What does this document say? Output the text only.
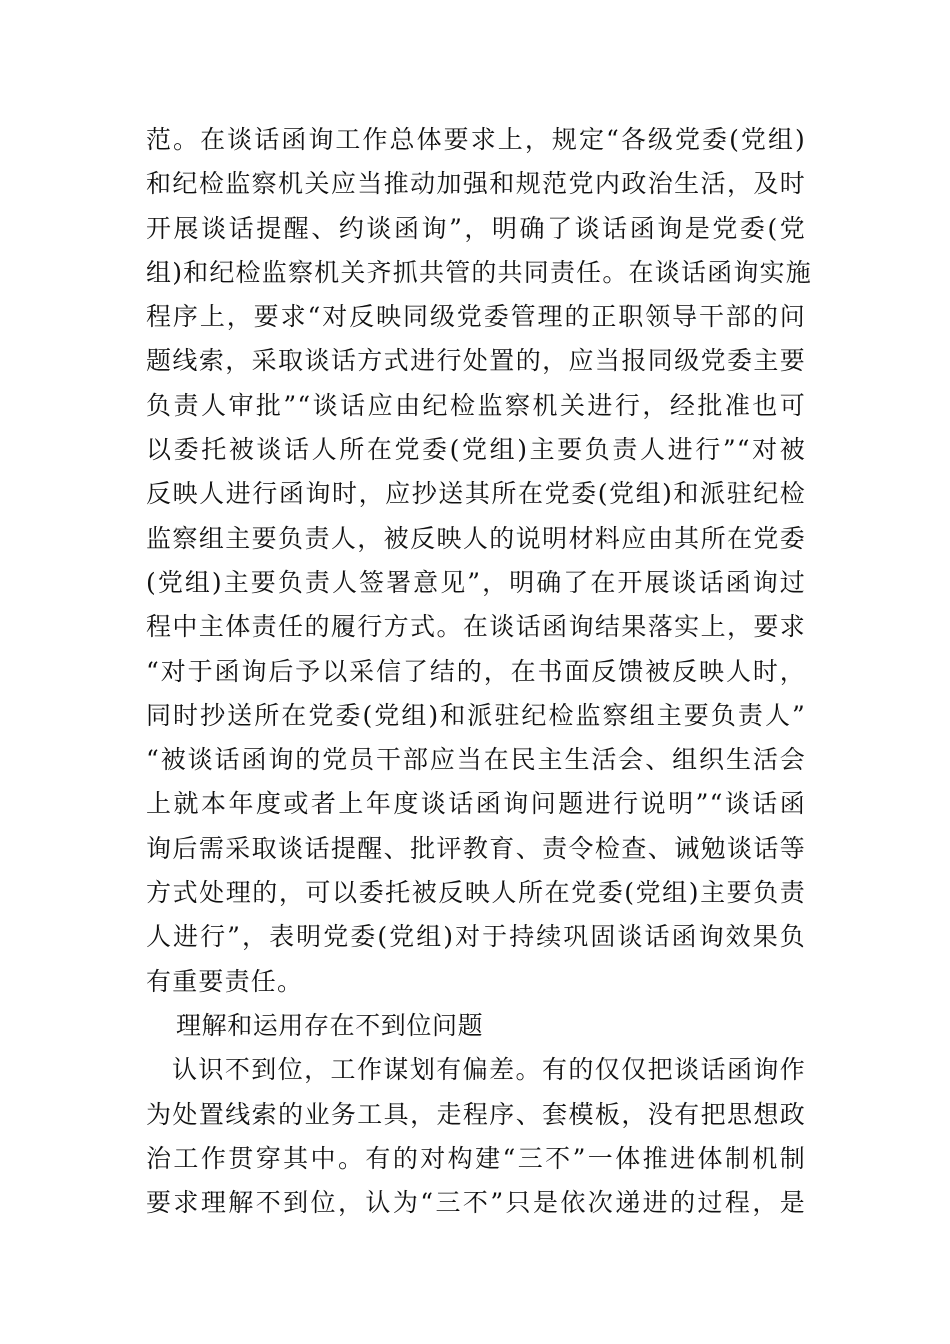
范。在谈话函询工作总体要求上，规定“各级党委(党组)
和纪检监察机关应当推动加强和规范党内政治生活，及时
开展谈话提醒、约谈函询”，明确了谈话函询是党委(党
组)和纪检监察机关齐抓共管的共同责任。在谈话函询实施
程序上，要求“对反映同级党委管理的正职领导干部的问
题线索，采取谈话方式进行处置的，应当报同级党委主要
负责人审批”“谈话应由纪检监察机关进行，经批准也可
以委托被谈话人所在党委(党组)主要负责人进行”“对被
反映人进行函询时，应抄送其所在党委(党组)和派驻纪检
监察组主要负责人，被反映人的说明材料应由其所在党委
(党组)主要负责人签署意见”，明确了在开展谈话函询过
程中主体责任的履行方式。在谈话函询结果落实上，要求
“对于函询后予以采信了结的，在书面反馈被反映人时，
同时抄送所在党委(党组)和派驻纪检监察组主要负责人”
“被谈话函询的党员干部应当在民主生活会、组织生活会
上就本年度或者上年度谈话函询问题进行说明”“谈话函
询后需采取谈话提醒、批评教育、责令检查、诫勉谈话等
方式处理的，可以委托被反映人所在党委(党组)主要负责
人进行”，表明党委(党组)对于持续巩固谈话函询效果负
有重要责任。
理解和运用存在不到位问题
认识不到位，工作谋划有偏差。有的仅仅把谈话函询作
为处置线索的业务工具，走程序、套模板，没有把思想政
治工作贯穿其中。有的对构建“三不”一体推进体制机制
要求理解不到位，认为“三不”只是依次递进的过程，是
